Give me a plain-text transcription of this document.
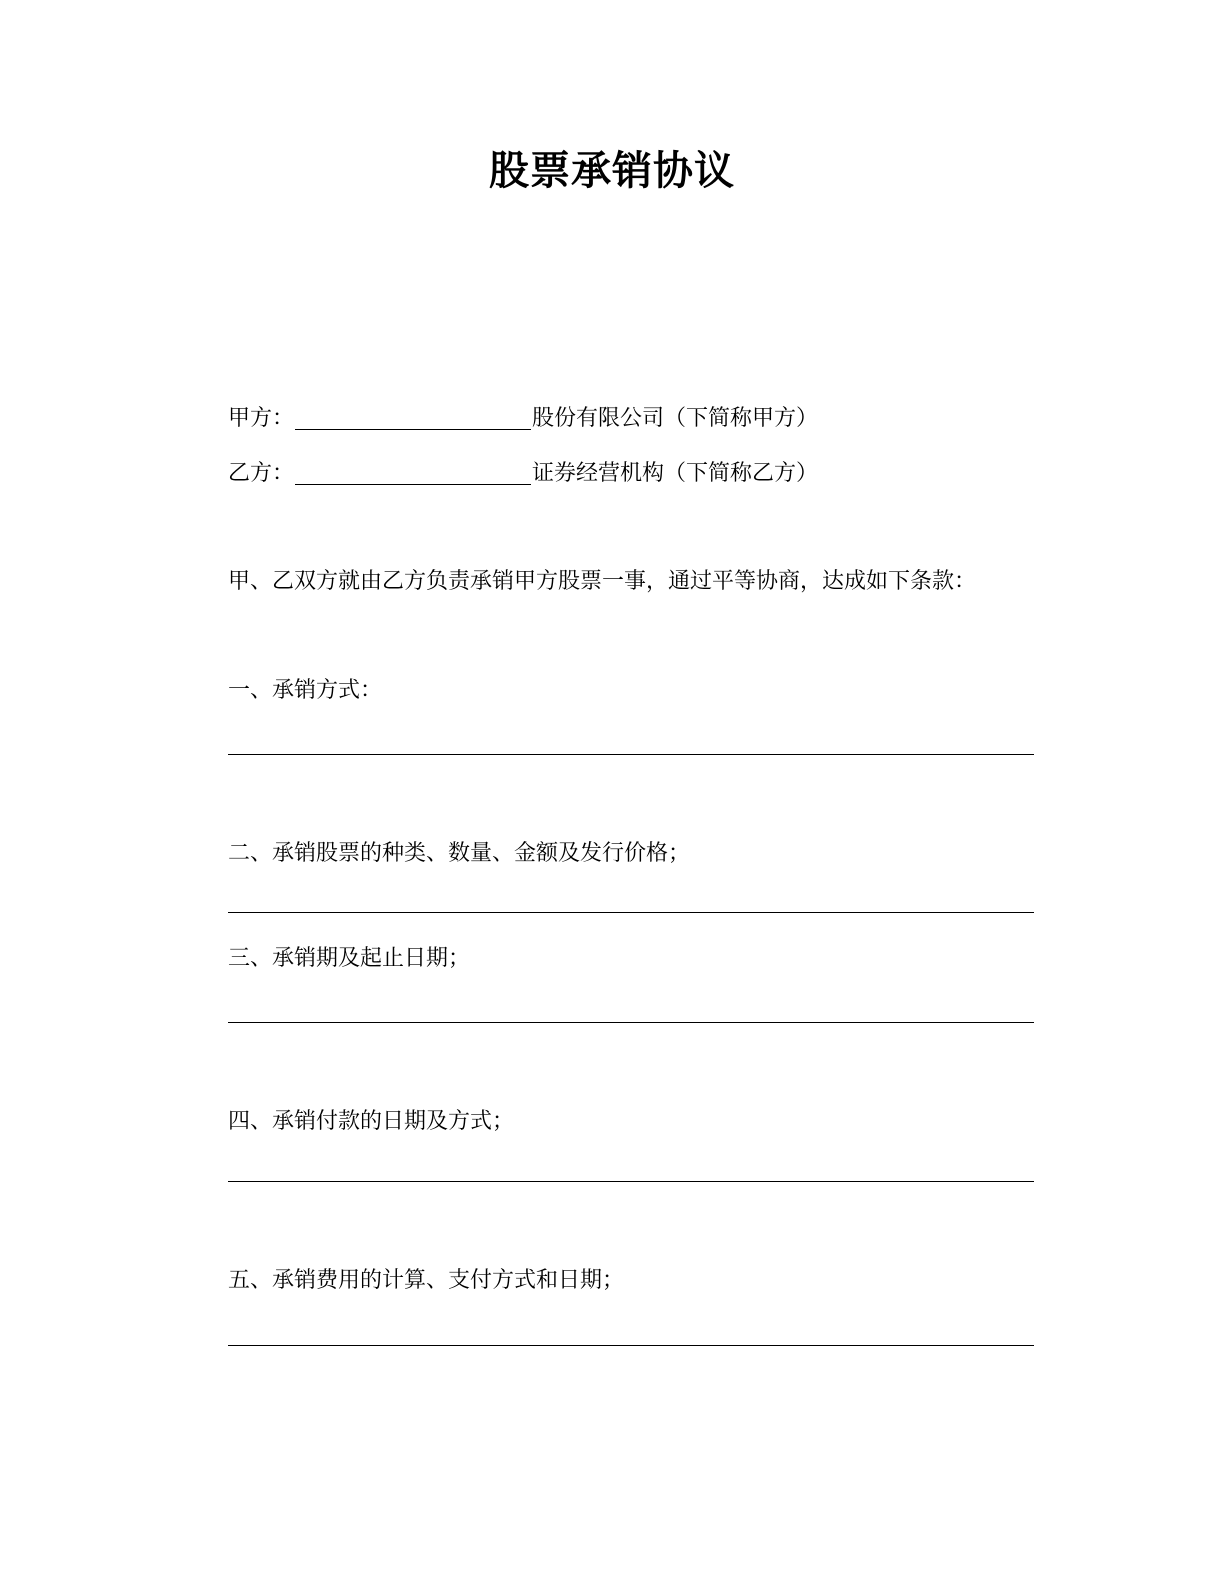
股票承销协议
甲方：	股份有限公司（下简称甲方）
乙方：	证券经营机构（下简称乙方）
甲、乙双方就由乙方负责承销甲方股票一事，通过平等协商，达成如下条款：
一、承销方式：
二、承销股票的种类、数量、金额及发行价格；
三、承销期及起止日期；
四、承销付款的日期及方式；
五、承销费用的计算、支付方式和日期；
